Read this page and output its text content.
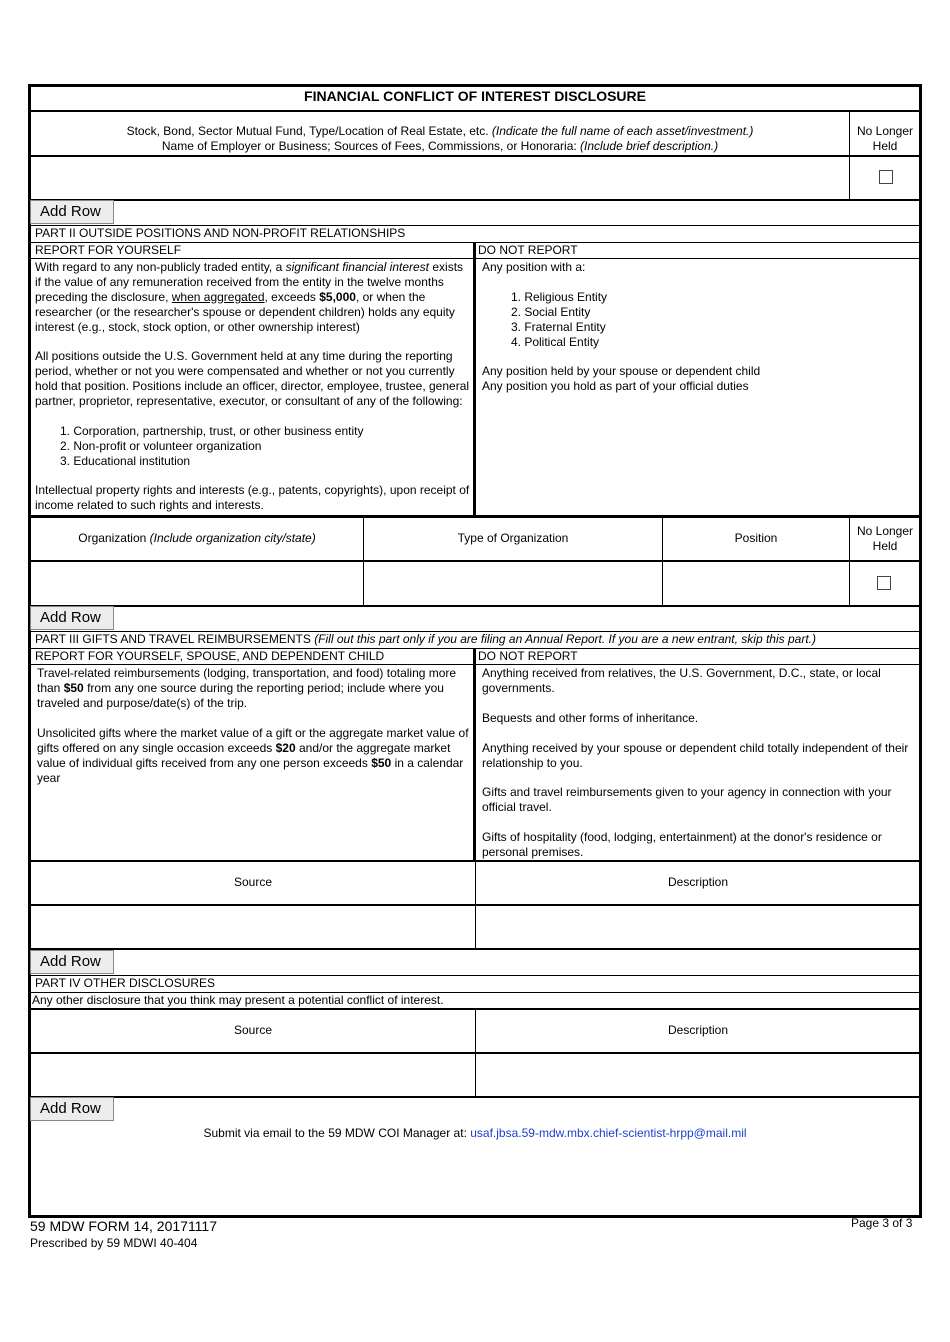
FINANCIAL CONFLICT OF INTEREST DISCLOSURE
Stock, Bond, Sector Mutual Fund, Type/Location of Real Estate, etc. (Indicate the full name of each asset/investment.)
Name of Employer or Business; Sources of Fees, Commissions, or Honoraria: (Include brief description.)
No Longer
Held
Add Row
PART II OUTSIDE POSITIONS AND NON-PROFIT RELATIONSHIPS
REPORT FOR YOURSELF	DO NOT REPORT
With regard to any non-publicly traded entity, a significant financial interest exists if the value of any remuneration received from the entity in the twelve months preceding the disclosure, when aggregated, exceeds $5,000, or when the researcher (or the researcher's spouse or dependent children) holds any equity interest (e.g., stock, stock option, or other ownership interest)
All positions outside the U.S. Government held at any time during the reporting period, whether or not you were compensated and whether or not you currently hold that position. Positions include an officer, director, employee, trustee, general partner, proprietor, representative, executor, or consultant of any of the following:
1. Corporation, partnership, trust, or other business entity
2. Non-profit or volunteer organization
3. Educational institution
Intellectual property rights and interests (e.g., patents, copyrights), upon receipt of income related to such rights and interests.
Any position with a:
1. Religious Entity
2. Social Entity
3. Fraternal Entity
4. Political Entity
Any position held by your spouse or dependent child
Any position you hold as part of your official duties
Organization (Include organization city/state)	Type of Organization	Position	No Longer
Held
Add Row
PART III GIFTS AND TRAVEL REIMBURSEMENTS (Fill out this part only if you are filing an Annual Report. If you are a new entrant, skip this part.)
REPORT FOR YOURSELF, SPOUSE, AND DEPENDENT CHILD	DO NOT REPORT
Travel-related reimbursements (lodging, transportation, and food) totaling more than $50 from any one source during the reporting period; include where you traveled and purpose/date(s) of the trip.
Unsolicited gifts where the market value of a gift or the aggregate market value of gifts offered on any single occasion exceeds $20 and/or the aggregate market value of individual gifts received from any one person exceeds $50 in a calendar year
Anything received from relatives, the U.S. Government, D.C., state, or local governments.
Bequests and other forms of inheritance.
Anything received by your spouse or dependent child totally independent of their relationship to you.
Gifts and travel reimbursements given to your agency in connection with your official travel.
Gifts of hospitality (food, lodging, entertainment) at the donor's residence or personal premises.
Source	Description
Add Row
PART IV OTHER DISCLOSURES
Any other disclosure that you think may present a potential conflict of interest.
Source	Description
Add Row
Submit via email to the 59 MDW COI Manager at: usaf.jbsa.59-mdw.mbx.chief-scientist-hrpp@mail.mil
59 MDW FORM 14, 20171117
Prescribed by 59 MDWI 40-404
Page 3 of 3
